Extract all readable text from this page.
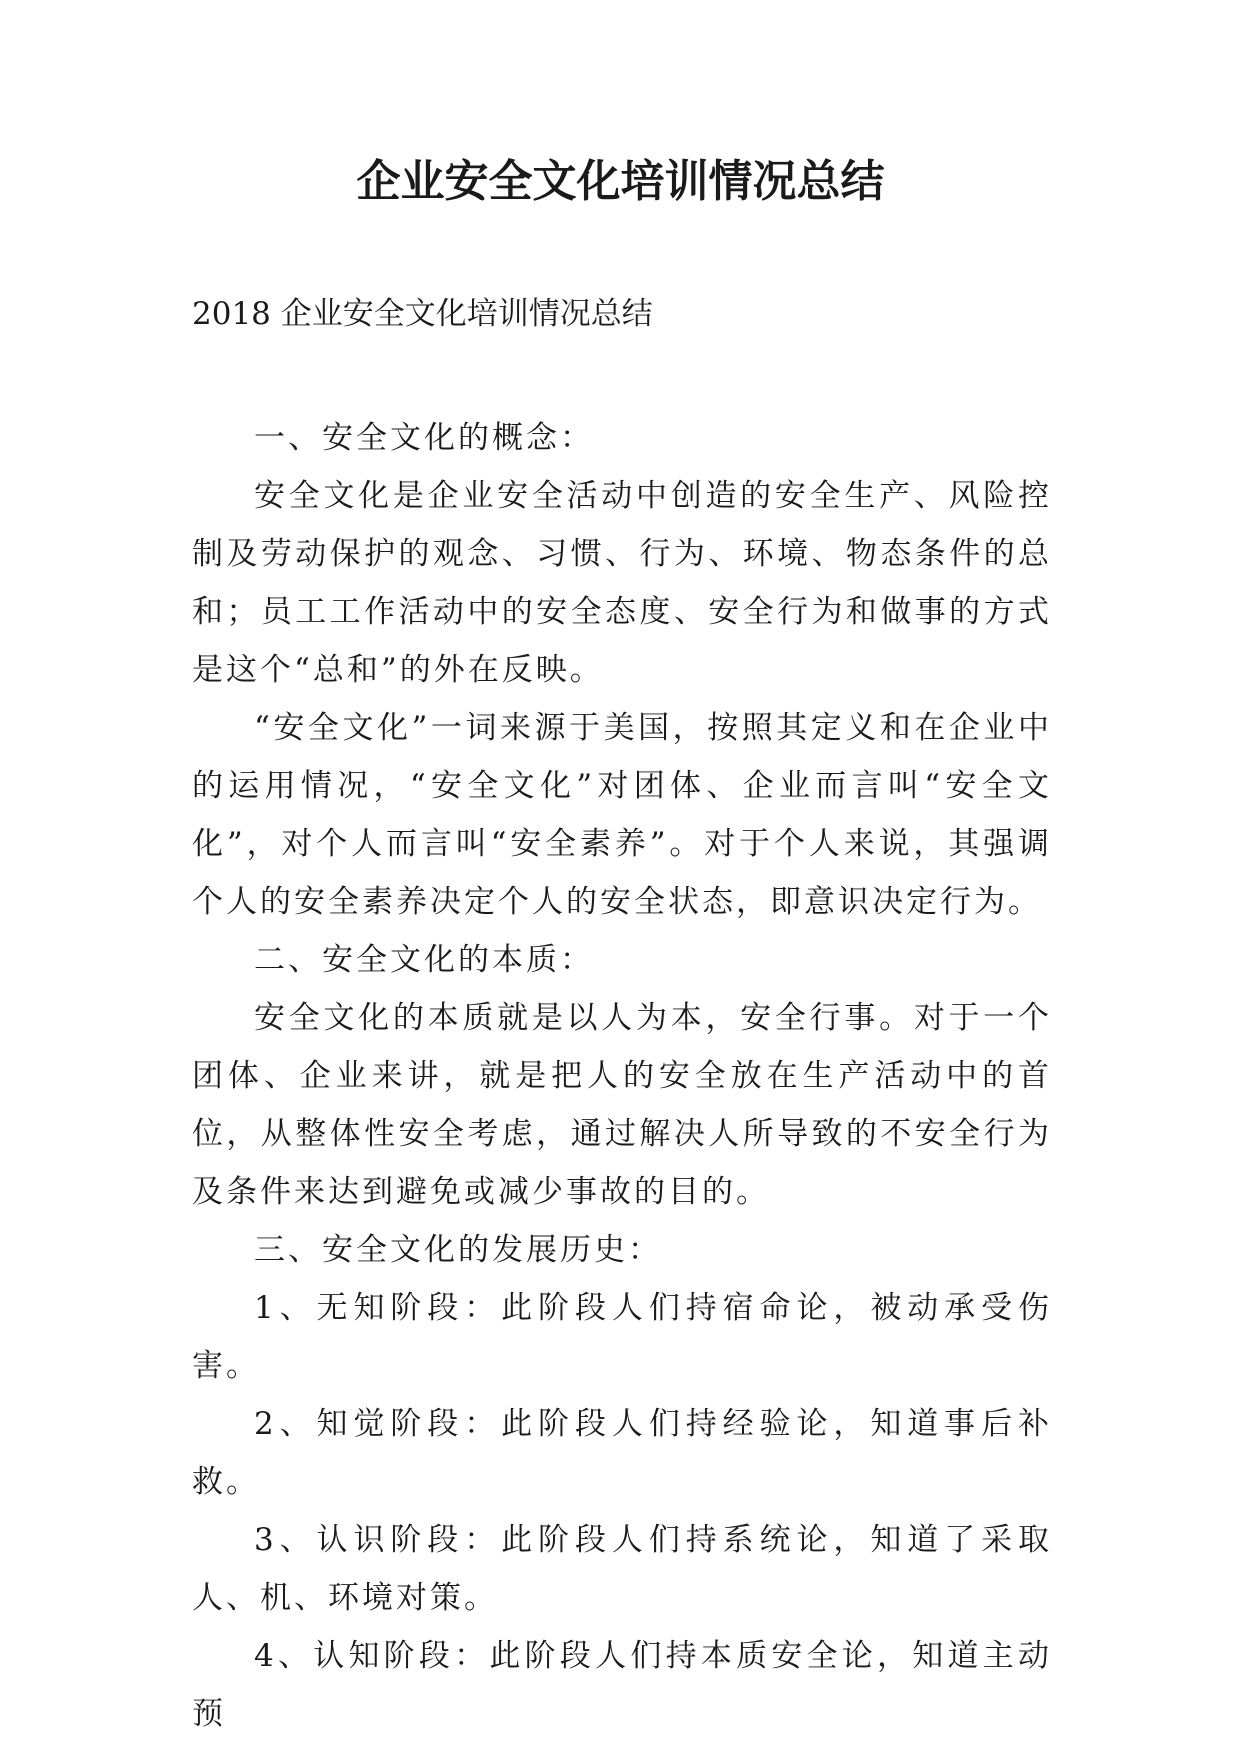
企业安全文化培训情况总结

2018 企业安全文化培训情况总结

一、安全文化的概念：

安全文化是企业安全活动中创造的安全生产、风险控制及劳动保护的观念、习惯、行为、环境、物态条件的总和；员工工作活动中的安全态度、安全行为和做事的方式是这个“总和”的外在反映。

“安全文化”一词来源于美国，按照其定义和在企业中的运用情况，“安全文化”对团体、企业而言叫“安全文化”，对个人而言叫“安全素养”。对于个人来说，其强调个人的安全素养决定个人的安全状态，即意识决定行为。

二、安全文化的本质：

安全文化的本质就是以人为本，安全行事。对于一个团体、企业来讲，就是把人的安全放在生产活动中的首位，从整体性安全考虑，通过解决人所导致的不安全行为及条件来达到避免或减少事故的目的。

三、安全文化的发展历史：

1、无知阶段：此阶段人们持宿命论，被动承受伤害。

2、知觉阶段：此阶段人们持经验论，知道事后补救。

3、认识阶段：此阶段人们持系统论，知道了采取人、机、环境对策。

4、认知阶段：此阶段人们持本质安全论，知道主动预
